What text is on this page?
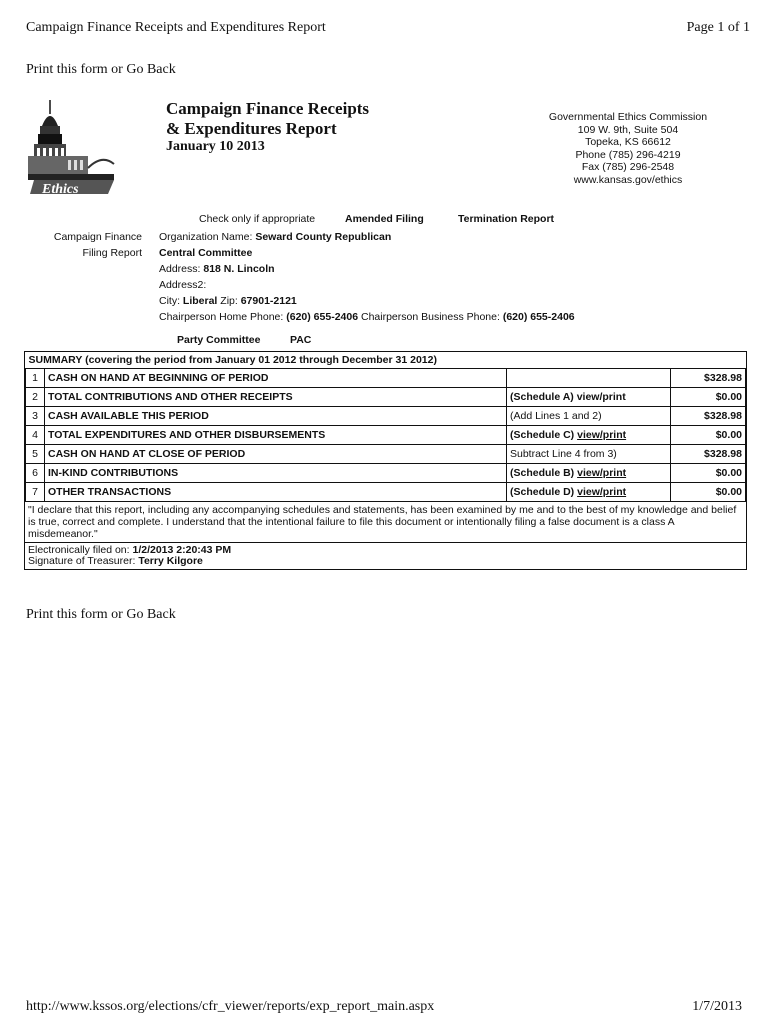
Campaign Finance Receipts and Expenditures Report	Page 1 of 1
Print this form or Go Back
Ethics
Campaign Finance Receipts
& Expenditures Report
January 10 2013
Governmental Ethics Commission
109 W. 9th, Suite 504
Topeka, KS 66612
Phone (785) 296-4219
Fax (785) 296-2548
www.kansas.gov/ethics
Check only if appropriate	Amended Filing	Termination Report
Campaign Finance
Filing Report
Organization Name: Seward County Republican
Central Committee
Address: 818 N. Lincoln
Address2:
City: Liberal Zip: 67901-2121
Chairperson Home Phone: (620) 655-2406 Chairperson Business Phone: (620) 655-2406
Party Committee	PAC
SUMMARY (covering the period from January 01 2012 through December 31 2012)			
1	CASH ON HAND AT BEGINNING OF PERIOD		$328.98
2	TOTAL CONTRIBUTIONS AND OTHER RECEIPTS	(Schedule A) view/print	$0.00
3	CASH AVAILABLE THIS PERIOD	(Add Lines 1 and 2)	$328.98
4	TOTAL EXPENDITURES AND OTHER DISBURSEMENTS	(Schedule C) view/print	$0.00
5	CASH ON HAND AT CLOSE OF PERIOD	Subtract Line 4 from 3)	$328.98
6	IN-KIND CONTRIBUTIONS	(Schedule B) view/print	$0.00
7	OTHER TRANSACTIONS	(Schedule D) view/print	$0.00
"I declare that this report, including any accompanying schedules and statements, has been examined by me and to the best of my knowledge and belief is true, correct and complete. I understand that the intentional failure to file this document or intentionally filing a false document is a class A misdemeanor."
Electronically filed on: 1/2/2013 2:20:43 PM
Signature of Treasurer: Terry Kilgore
Print this form or Go Back
http://www.kssos.org/elections/cfr_viewer/reports/exp_report_main.aspx	1/7/2013
